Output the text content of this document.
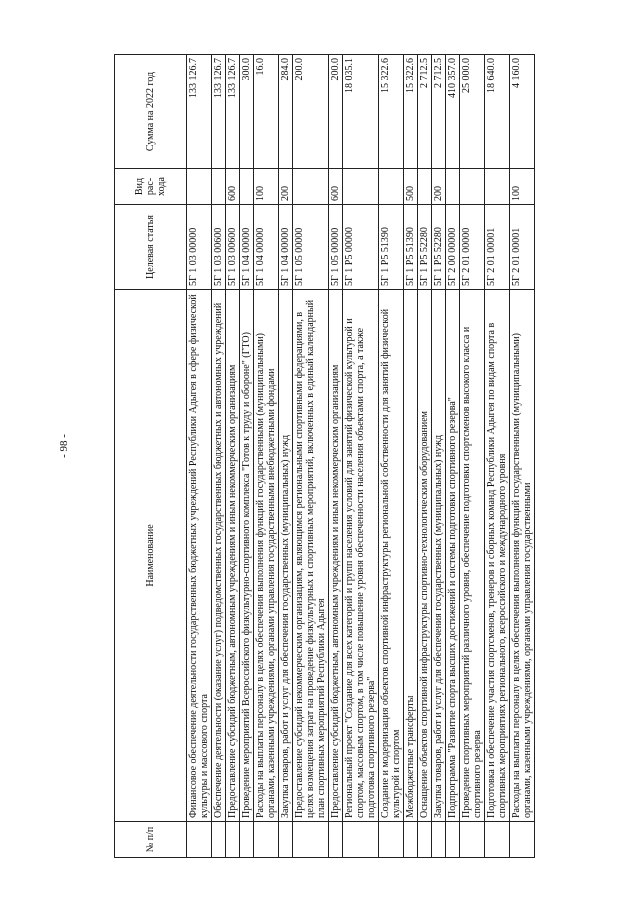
- 98 -
№ п/п	Наименование	Целевая статья	Вид рас-хода	Сумма на 2022 год
	Финансовое обеспечение деятельности государственных бюджетных учреждений Республики Адыгея в сфере физической культуры и массового спорта	5Г 1 03 00000		133 126.7
	Обеспечение деятельности (оказание услуг) подведомственных государственных бюджетных и автономных учреждений	5Г 1 03 00600		133 126.7
	Предоставление субсидий бюджетным, автономным учреждениям и иным некоммерческим организациям	5Г 1 03 00600	600	133 126.7
	Проведение мероприятий Всероссийского физкультурно-спортивного комплекса "Готов к труду и обороне" (ГТО)	5Г 1 04 00000		300.0
	Расходы на выплаты персоналу в целях обеспечения выполнения функций государственными (муниципальными) органами, казенными учреждениями, органами управления государственными внебюджетными фондами	5Г 1 04 00000	100	16.0
	Закупка товаров, работ и услуг для обеспечения государственных (муниципальных) нужд	5Г 1 04 00000	200	284.0
	Предоставление субсидий некоммерческим организациям, являющимся региональными спортивными федерациями, в целях возмещения затрат на проведение физкультурных и спортивных мероприятий, включенных в единый календарный план спортивных мероприятий Республики Адыгея	5Г 1 05 00000		200.0
	Предоставление субсидий бюджетным, автономным учреждениям и иным некоммерческим организациям	5Г 1 05 00000	600	200.0
	Региональный проект "Создание для всех категорий и групп населения условий для занятий физической культурой и спортом, массовым спортом, в том числе повышение уровня обеспеченности населения объектами спорта, а также подготовка спортивного резерва"	5Г 1 P5 00000		18 035.1
	Создание и модернизация объектов спортивной инфраструктуры региональной собственности для занятий физической культурой и спортом	5Г 1 P5 51390		15 322.6
	Межбюджетные трансферты	5Г 1 P5 51390	500	15 322.6
	Оснащение объектов спортивной инфраструктуры спортивно-технологическим оборудованием	5Г 1 P5 52280		2 712.5
	Закупка товаров, работ и услуг для обеспечения государственных (муниципальных) нужд	5Г 1 P5 52280	200	2 712.5
	Подпрограмма "Развитие спорта высших достижений и системы подготовки спортивного резерва"	5Г 2 00 00000		410 357.0
	Проведение спортивных мероприятий различного уровня, обеспечение подготовки спортсменов высокого класса и спортивного резерва	5Г 2 01 00000		25 000.0
	Подготовка и обеспечение участия спортсменов, тренеров и сборных команд Республики Адыгея по видам спорта в спортивных мероприятиях регионального, всероссийского и международного уровня	5Г 2 01 00001		18 640.0
	Расходы на выплаты персоналу в целях обеспечения выполнения функций государственными (муниципальными) органами, казенными учреждениями, органами управления государственными	5Г 2 01 00001	100	4 160.0
